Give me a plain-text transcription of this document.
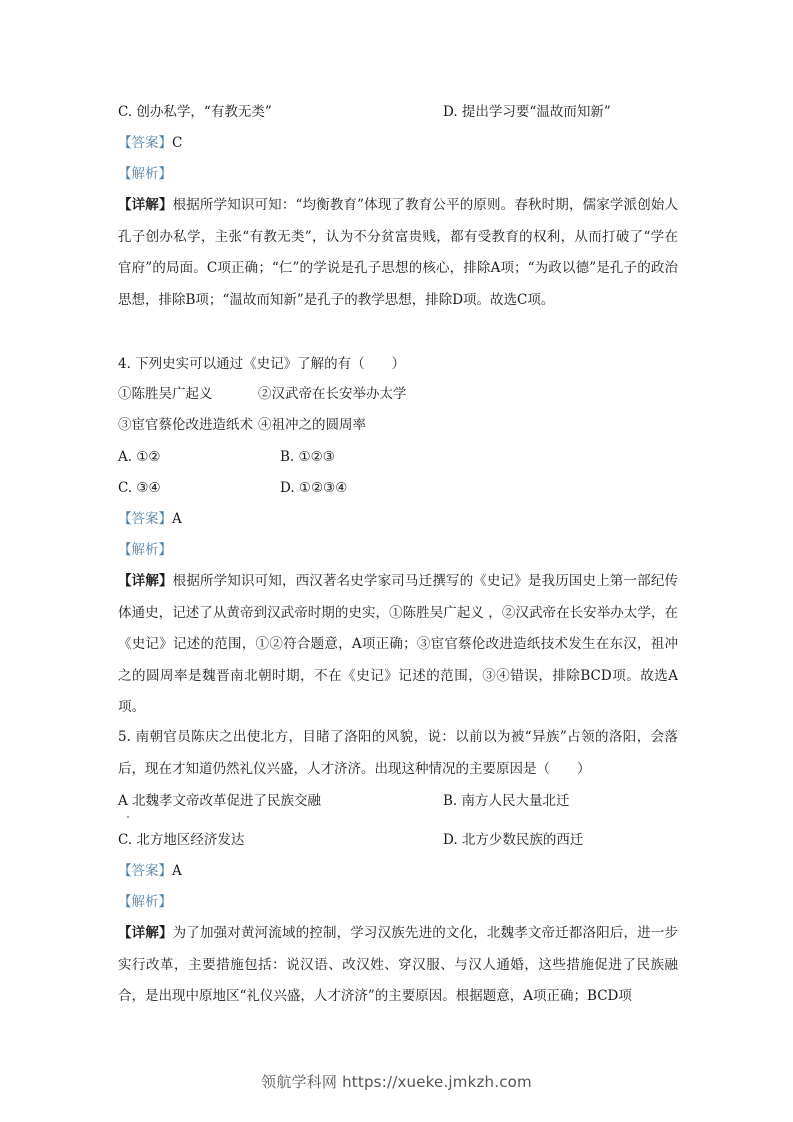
C. 创办私学，“有教无类”	D. 提出学习要“温故而知新”
【答案】C
【解析】
【详解】根据所学知识可知：“均衡教育”体现了教育公平的原则。春秋时期，儒家学派创始人孔子创办私学，主张“有教无类”，认为不分贫富贵贱，都有受教育的权利，从而打破了“学在官府”的局面。C项正确；“仁”的学说是孔子思想的核心，排除A项；“为政以德”是孔子的政治思想，排除B项；“温故而知新”是孔子的教学思想，排除D项。故选C项。
4. 下列史实可以通过《史记》了解的有（　　）
①陈胜吴广起义	②汉武帝在长安举办太学
③宦官蔡伦改进造纸术 ④祖冲之的圆周率
A. ①②	B. ①②③
C. ③④	D. ①②③④
【答案】A
【解析】
【详解】根据所学知识可知，西汉著名史学家司马迁撰写的《史记》是我历国史上第一部纪传体通史，记述了从黄帝到汉武帝时期的史实，①陈胜吴广起义 ，②汉武帝在长安举办太学，在《史记》记述的范围，①②符合题意，A项正确；③宦官蔡伦改进造纸技术发生在东汉，祖冲之的圆周率是魏晋南北朝时期，不在《史记》记述的范围，③④错误，排除BCD项。故选A项。
5. 南朝官员陈庆之出使北方，目睹了洛阳的风貌，说：以前以为被“异族”占领的洛阳，会落后，现在才知道仍然礼仪兴盛，人才济济。出现这种情况的主要原因是（　　）
A 北魏孝文帝改革促进了民族交融	B. 南方人民大量北迁
C. 北方地区经济发达	D. 北方少数民族的西迁
【答案】A
【解析】
【详解】为了加强对黄河流域的控制，学习汉族先进的文化，北魏孝文帝迁都洛阳后，进一步实行改革，主要措施包括：说汉语、改汉姓、穿汉服、与汉人通婚，这些措施促进了民族融合，是出现中原地区“礼仪兴盛，人才济济”的主要原因。根据题意，A项正确；BCD项
领航学科网 https://xueke.jmkzh.com
